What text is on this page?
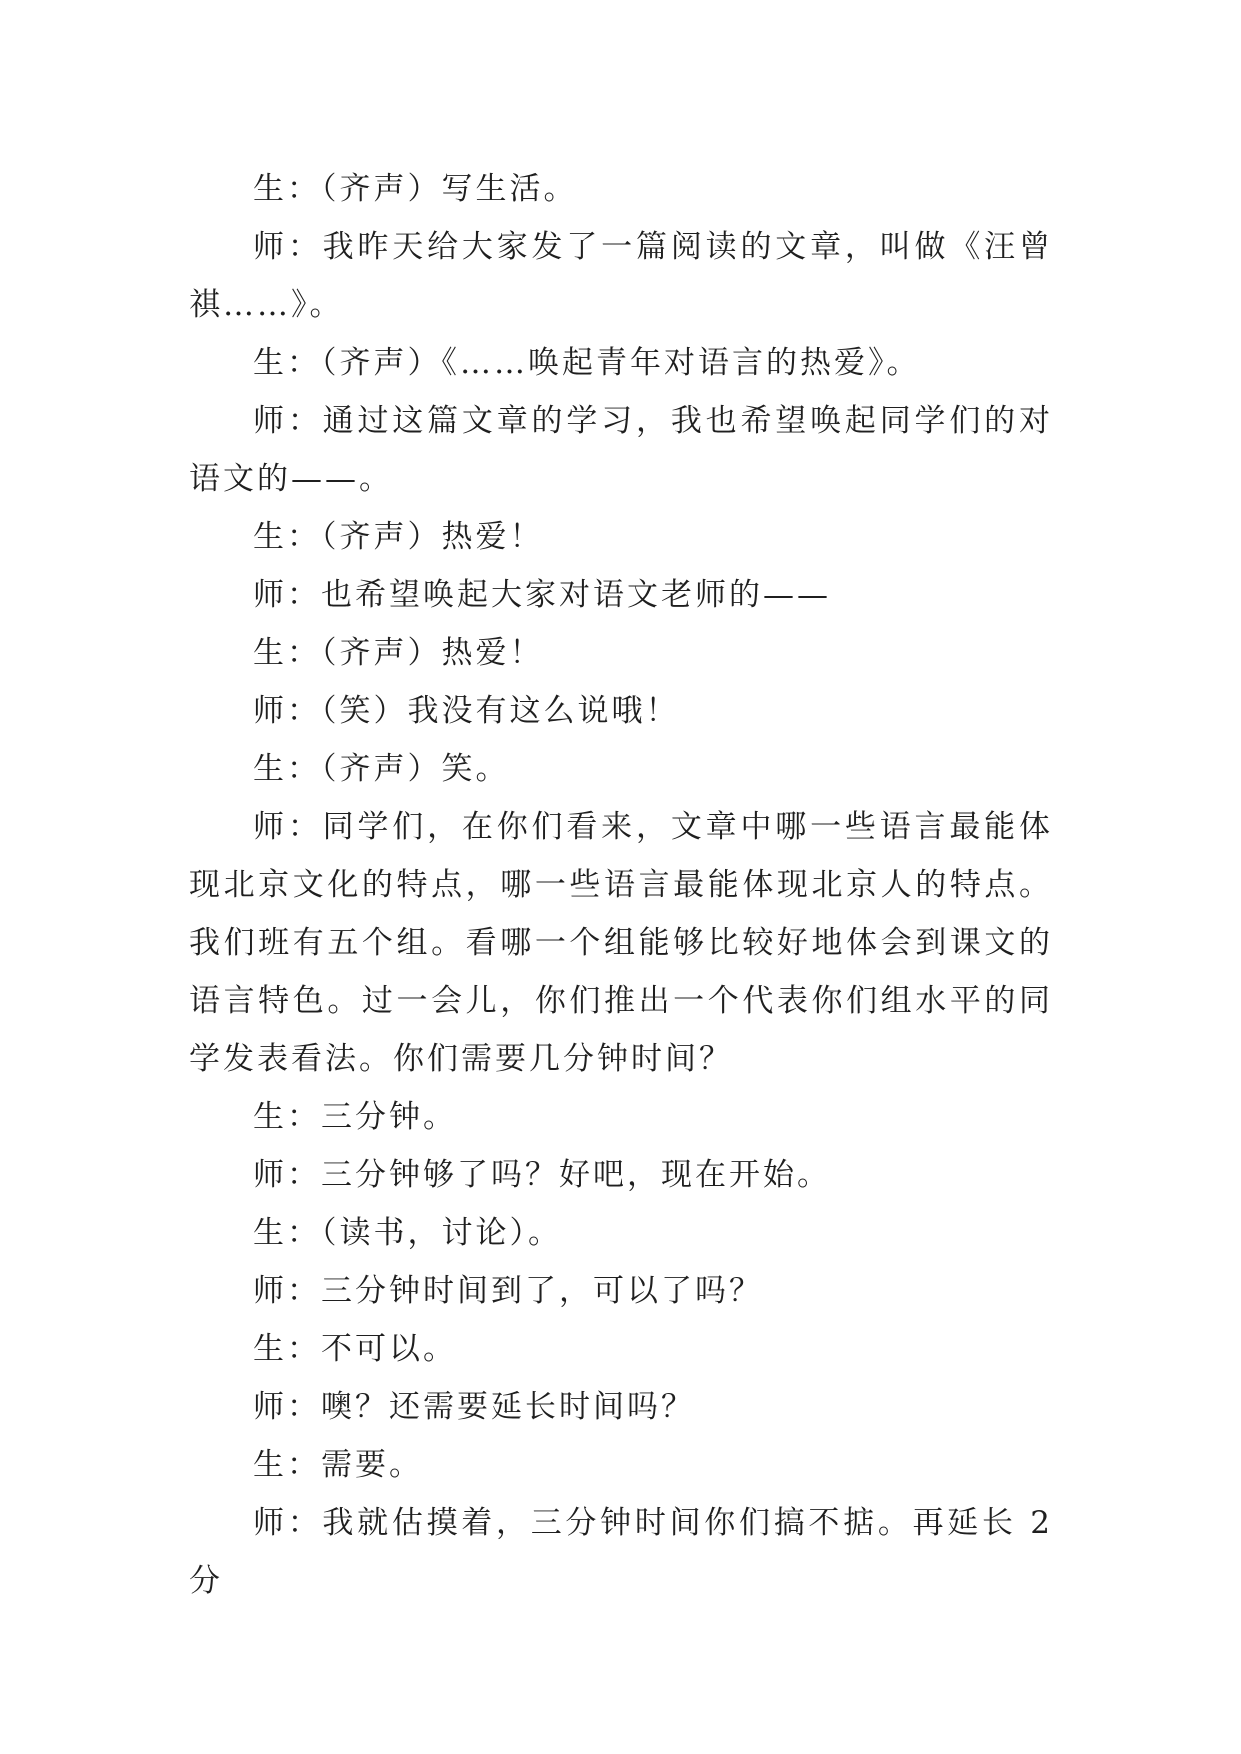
生：（齐声）写生活。

师：我昨天给大家发了一篇阅读的文章，叫做《汪曾祺……》。

生：（齐声）《……唤起青年对语言的热爱》。

师：通过这篇文章的学习，我也希望唤起同学们的对语文的——。

生：（齐声）热爱！

师：也希望唤起大家对语文老师的——

生：（齐声）热爱！

师：（笑）我没有这么说哦！

生：（齐声）笑。

师：同学们，在你们看来，文章中哪一些语言最能体现北京文化的特点，哪一些语言最能体现北京人的特点。我们班有五个组。看哪一个组能够比较好地体会到课文的语言特色。过一会儿，你们推出一个代表你们组水平的同学发表看法。你们需要几分钟时间？

生：三分钟。

师：三分钟够了吗？好吧，现在开始。

生：（读书，讨论）。

师：三分钟时间到了，可以了吗？

生：不可以。

师：噢？还需要延长时间吗？

生：需要。

师：我就估摸着，三分钟时间你们搞不掂。再延长 2 分
